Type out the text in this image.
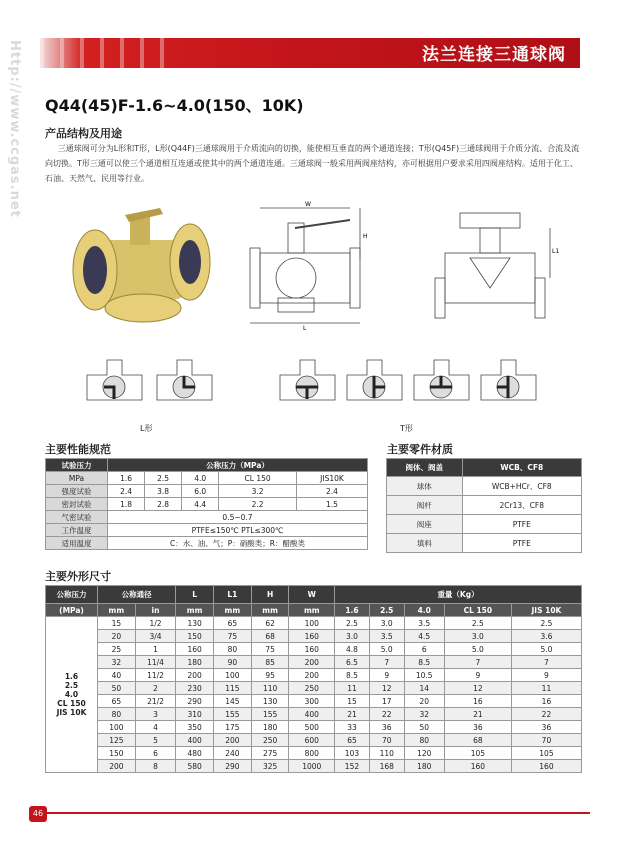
Http://www.ccgas.net	法兰连接三通球阀
Q44(45)F-1.6~4.0(150、10K)
产品结构及用途
三通球阀可分为L形和T形，L形(Q44F)三通球阀用于介质流向的切换，能使相互垂直的两个通道连接；T形(Q45F)三通球阀用于介质分流、合流及流向切换。T形三通可以使三个通道相互连通或使其中的两个通道连通。三通球阀一般采用两阀座结构，亦可根据用户要求采用四阀座结构。适用于化工、石油、天然气、民用等行业。
W
H
L
L1
L形	T形
主要性能规范	主要零件材质
试验压力	公称压力（MPa）				
MPa	1.6	2.5	4.0	CL 150	JIS10K
强度试验	2.4	3.8	6.0	3.2	2.4
密封试验	1.8	2.8	4.4	2.2	1.5
气密试验	0.5~0.7				
工作温度	PTFE≤150℃ PTL≤300℃				
适用温度	C：水、油、气；P：硝酸类；R：醋酸类				
阀体、阀盖	WCB、CF8
球体	WCB+HCr、CF8
阀杆	2Cr13、CF8
阀座	PTFE
填料	PTFE
主要外形尺寸
公称压力	公称通径		L	L1	H	W	重量（Kg）				
(MPa)	mm	in	mm	mm	mm	mm	1.6	2.5	4.0	CL 150	JIS 10K

1.6
2.5
4.0
CL 150
JIS 10K	15	1/2	130	65	62	100	2.5	3.0	3.5	2.5	2.5
	20	3/4	150	75	68	160	3.0	3.5	4.5	3.0	3.6
	25	1	160	80	75	160	4.8	5.0	6	5.0	5.0
	32	11/4	180	90	85	200	6.5	7	8.5	7	7
	40	11/2	200	100	95	200	8.5	9	10.5	9	9
	50	2	230	115	110	250	11	12	14	12	11
	65	21/2	290	145	130	300	15	17	20	16	16
	80	3	310	155	155	400	21	22	32	21	22
	100	4	350	175	180	500	33	36	50	36	36
	125	5	400	200	250	600	65	70	80	68	70
	150	6	480	240	275	800	103	110	120	105	105
	200	8	580	290	325	1000	152	168	180	160	160
46
